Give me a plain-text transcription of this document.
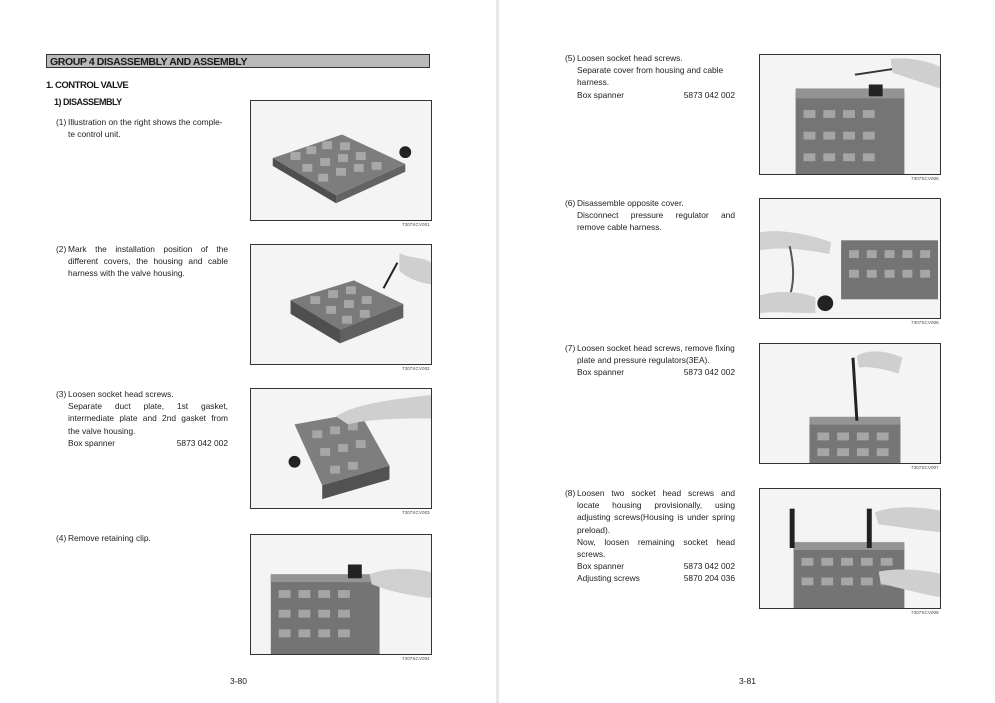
GROUP 4 DISASSEMBLY AND ASSEMBLY
1. CONTROL VALVE
1) DISASSEMBLY
(1) Illustration on the right shows the comple-
te control unit.
(2) Mark the installation position of the
different covers, the housing and cable
harness with the valve housing.
(3) Loosen socket head screws.
Separate duct plate, 1st gasket,
intermediate plate and 2nd gasket from
the valve housing.
Box spanner	5873 042 002
(4) Remove retaining clip.
7307SCV001
7307SCV002
7307SCV003
7307SCV004
3-80
(5) Loosen socket head screws.
Separate cover from housing and cable
harness.
Box spanner	5873 042 002
(6) Disassemble opposite cover.
Disconnect pressure regulator and
remove cable harness.
(7) Loosen socket head screws, remove fixing
plate and pressure regulators(3EA).
Box spanner	5873 042 002
(8) Loosen two socket head screws and
locate housing provisionally, using
adjusting screws(Housing is under spring
preload).
Now, loosen remaining socket head
screws.
Box spanner	5873 042 002
Adjusting screws	5870 204 036
7307SCV005
7307SCV006
7307SCV007
7307SCV008
3-81
